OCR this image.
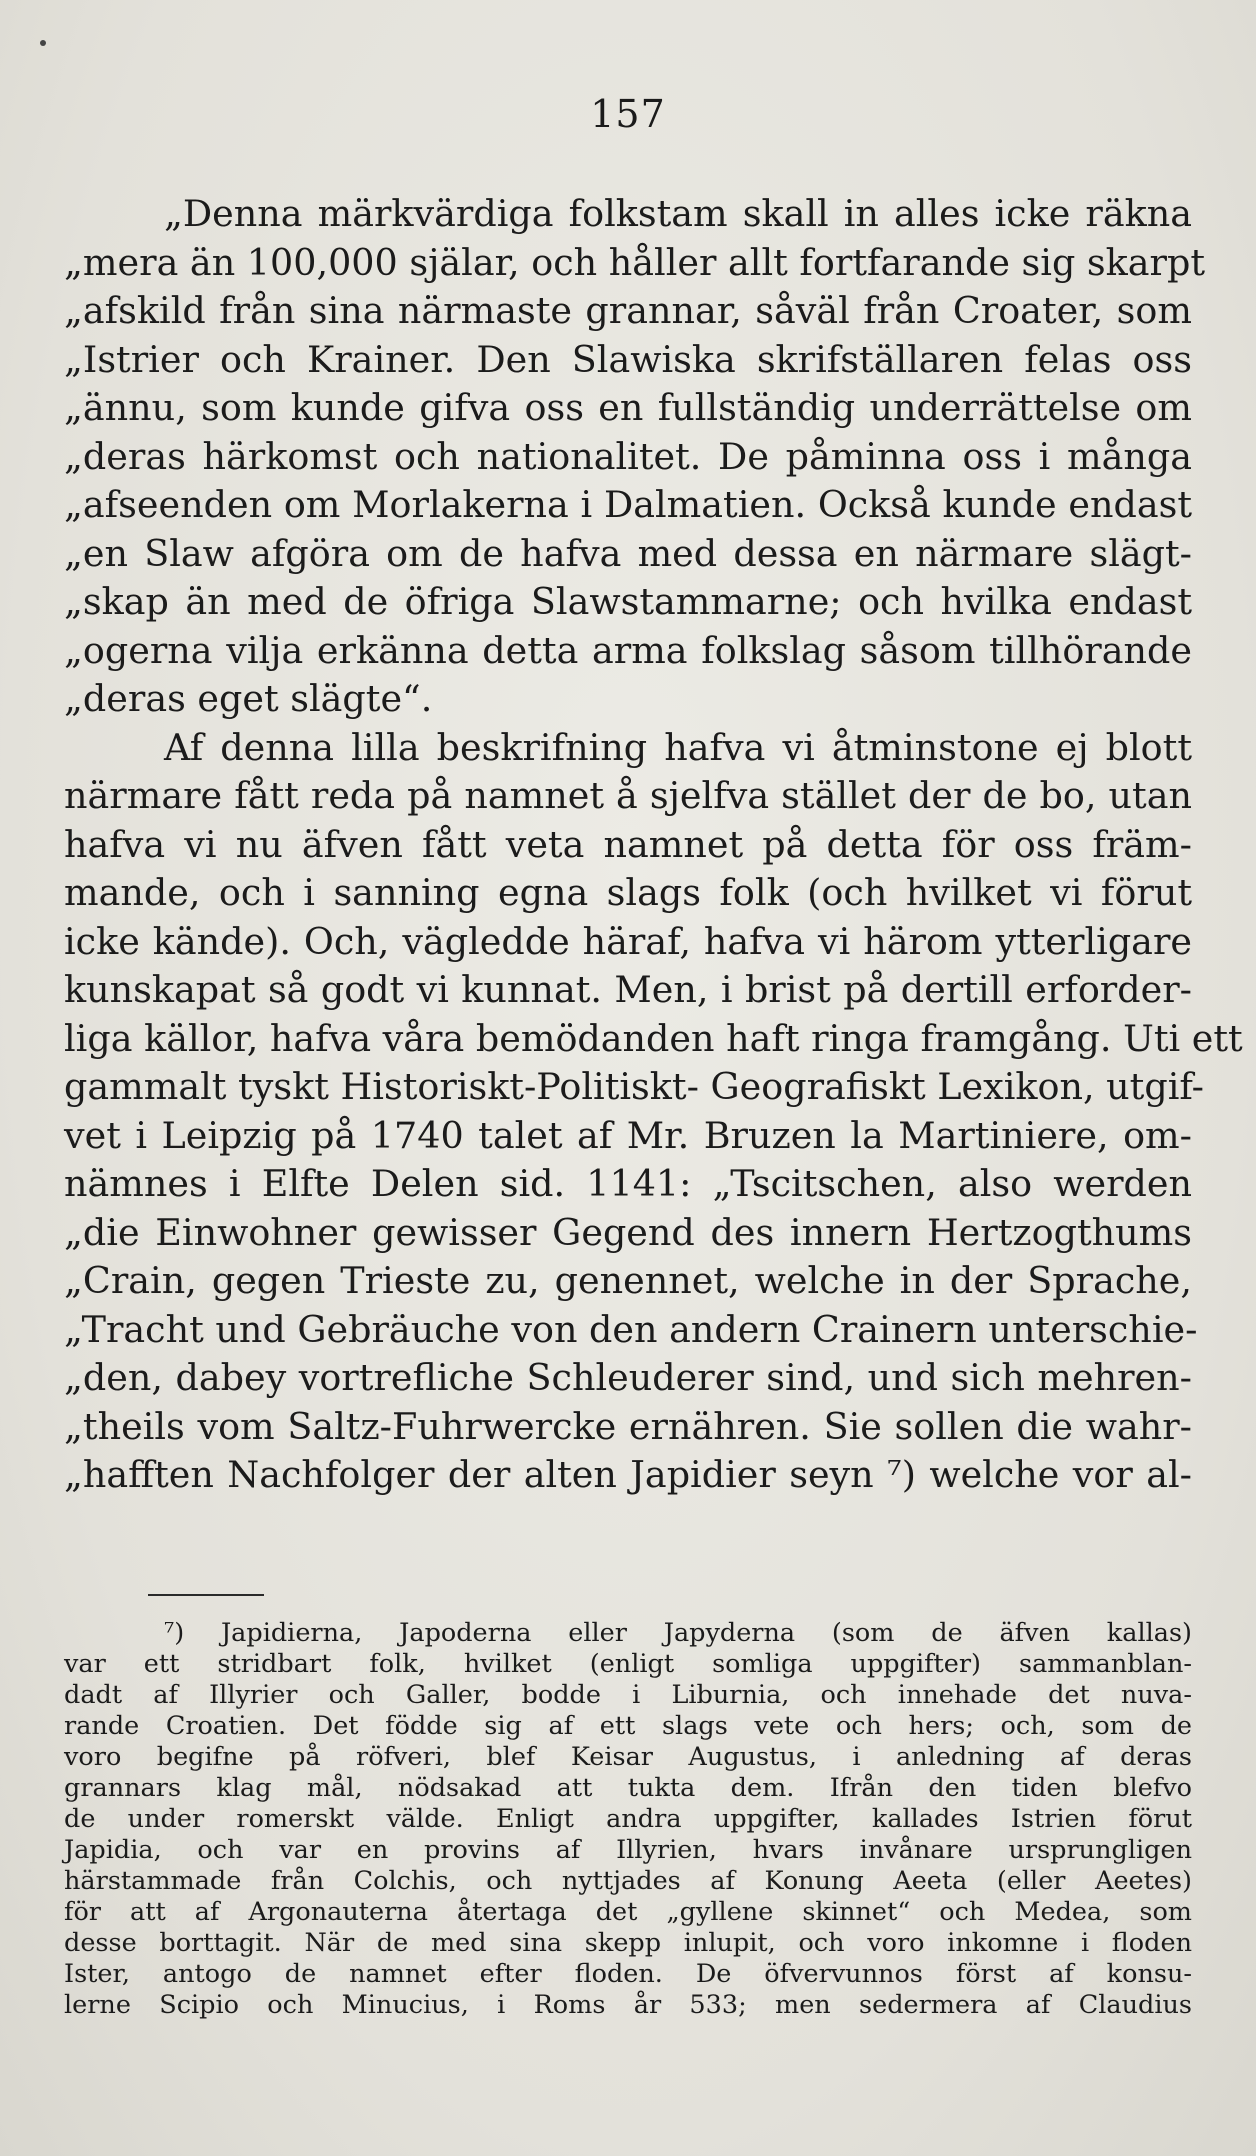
157
„Denna märkvärdiga folkstam skall in alles icke räkna
„mera än 100,000 själar, och håller allt fortfarande sig skarpt
„afskild från sina närmaste grannar, såväl från Croater, som
„Istrier och Krainer. Den Slawiska skrifställaren felas oss
„ännu, som kunde gifva oss en fullständig underrättelse om
„deras härkomst och nationalitet. De påminna oss i många
„afseenden om Morlakerna i Dalmatien. Också kunde endast
„en Slaw afgöra om de hafva med dessa en närmare slägt-
„skap än med de öfriga Slawstammarne; och hvilka endast
„ogerna vilja erkänna detta arma folkslag såsom tillhörande
„deras eget slägte“.
Af denna lilla beskrifning hafva vi åtminstone ej blott
närmare fått reda på namnet å sjelfva stället der de bo, utan
hafva vi nu äfven fått veta namnet på detta för oss främ-
mande, och i sanning egna slags folk (och hvilket vi förut
icke kände). Och, vägledde häraf, hafva vi härom ytterligare
kunskapat så godt vi kunnat. Men, i brist på dertill erforder-
liga källor, hafva våra bemödanden haft ringa framgång. Uti ett
gammalt tyskt Historiskt-Politiskt- Geografiskt Lexikon, utgif-
vet i Leipzig på 1740 talet af Mr. Bruzen la Martiniere, om-
nämnes i Elfte Delen sid. 1141: „Tscitschen, also werden
„die Einwohner gewisser Gegend des innern Hertzogthums
„Crain, gegen Trieste zu, genennet, welche in der Sprache,
„Tracht und Gebräuche von den andern Crainern unterschie-
„den, dabey vortrefliche Schleuderer sind, und sich mehren-
„theils vom Saltz-Fuhrwercke ernähren. Sie sollen die wahr-
„hafften Nachfolger der alten Japidier seyn ⁷) welche vor al-
⁷) Japidierna, Japoderna eller Japyderna (som de äfven kallas)
var ett stridbart folk, hvilket (enligt somliga uppgifter) sammanblan-
dadt af Illyrier och Galler, bodde i Liburnia, och innehade det nuva-
rande Croatien. Det födde sig af ett slags vete och hers; och, som de
voro begifne på röfveri, blef Keisar Augustus, i anledning af deras
grannars klag mål, nödsakad att tukta dem. Ifrån den tiden blefvo
de under romerskt välde. Enligt andra uppgifter, kallades Istrien förut
Japidia, och var en provins af Illyrien, hvars invånare ursprungligen
härstammade från Colchis, och nyttjades af Konung Aeeta (eller Aeetes)
för att af Argonauterna återtaga det „gyllene skinnet“ och Medea, som
desse borttagit. När de med sina skepp inlupit, och voro inkomne i floden
Ister, antogo de namnet efter floden. De öfvervunnos först af konsu-
lerne Scipio och Minucius, i Roms år 533; men sedermera af Claudius
